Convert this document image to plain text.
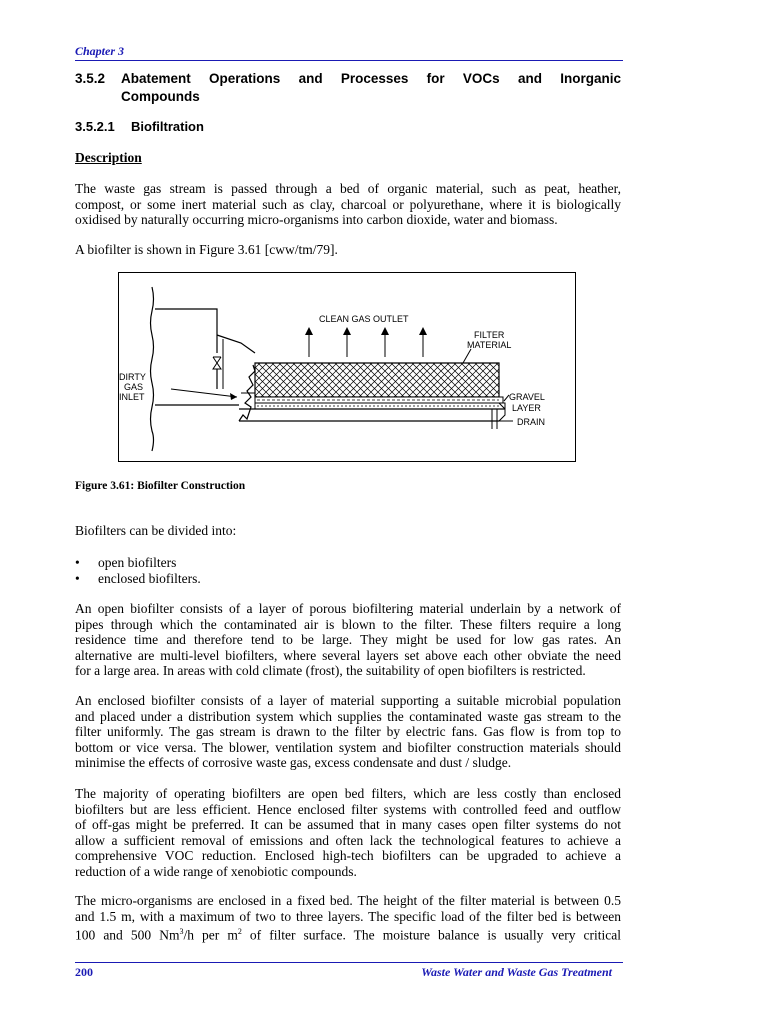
Chapter 3
3.5.2 Abatement Operations and Processes for VOCs and Inorganic
Compounds
3.5.2.1 Biofiltration
Description
The waste gas stream is passed through a bed of organic material, such as peat, heather,
compost, or some inert material such as clay, charcoal or polyurethane, where it is biologically
oxidised by naturally occurring micro-organisms into carbon dioxide, water and biomass.
A biofilter is shown in Figure 3.61 [cww/tm/79].
CLEAN GAS OUTLET
FILTER
MATERIAL
DIRTY
GAS
INLET	GRAVEL
LAYER
DRAIN
Figure 3.61: Biofilter Construction
Biofilters can be divided into:
• open biofilters
• enclosed biofilters.
An open biofilter consists of a layer of porous biofiltering material underlain by a network of
pipes through which the contaminated air is blown to the filter. These filters require a long
residence time and therefore tend to be large. They might be used for low gas rates. An
alternative are multi-level biofilters, where several layers set above each other obviate the need
for a large area. In areas with cold climate (frost), the suitability of open biofilters is restricted.
An enclosed biofilter consists of a layer of material supporting a suitable microbial population
and placed under a distribution system which supplies the contaminated waste gas stream to the
filter uniformly. The gas stream is drawn to the filter by electric fans. Gas flow is from top to
bottom or vice versa. The blower, ventilation system and biofilter construction materials should
minimise the effects of corrosive waste gas, excess condensate and dust / sludge.
The majority of operating biofilters are open bed filters, which are less costly than enclosed
biofilters but are less efficient. Hence enclosed filter systems with controlled feed and outflow
of off-gas might be preferred. It can be assumed that in many cases open filter systems do not
allow a sufficient removal of emissions and often lack the technological features to achieve a
comprehensive VOC reduction. Enclosed high-tech biofilters can be upgraded to achieve a
reduction of a wide range of xenobiotic compounds.
The micro-organisms are enclosed in a fixed bed. The height of the filter material is between 0.5
and 1.5 m, with a maximum of two to three layers. The specific load of the filter bed is between
100 and 500 Nm$^3$/h per $m^2$ of filter surface. The moisture balance is usually very critical
200	Waste Water and Waste Gas Treatment
